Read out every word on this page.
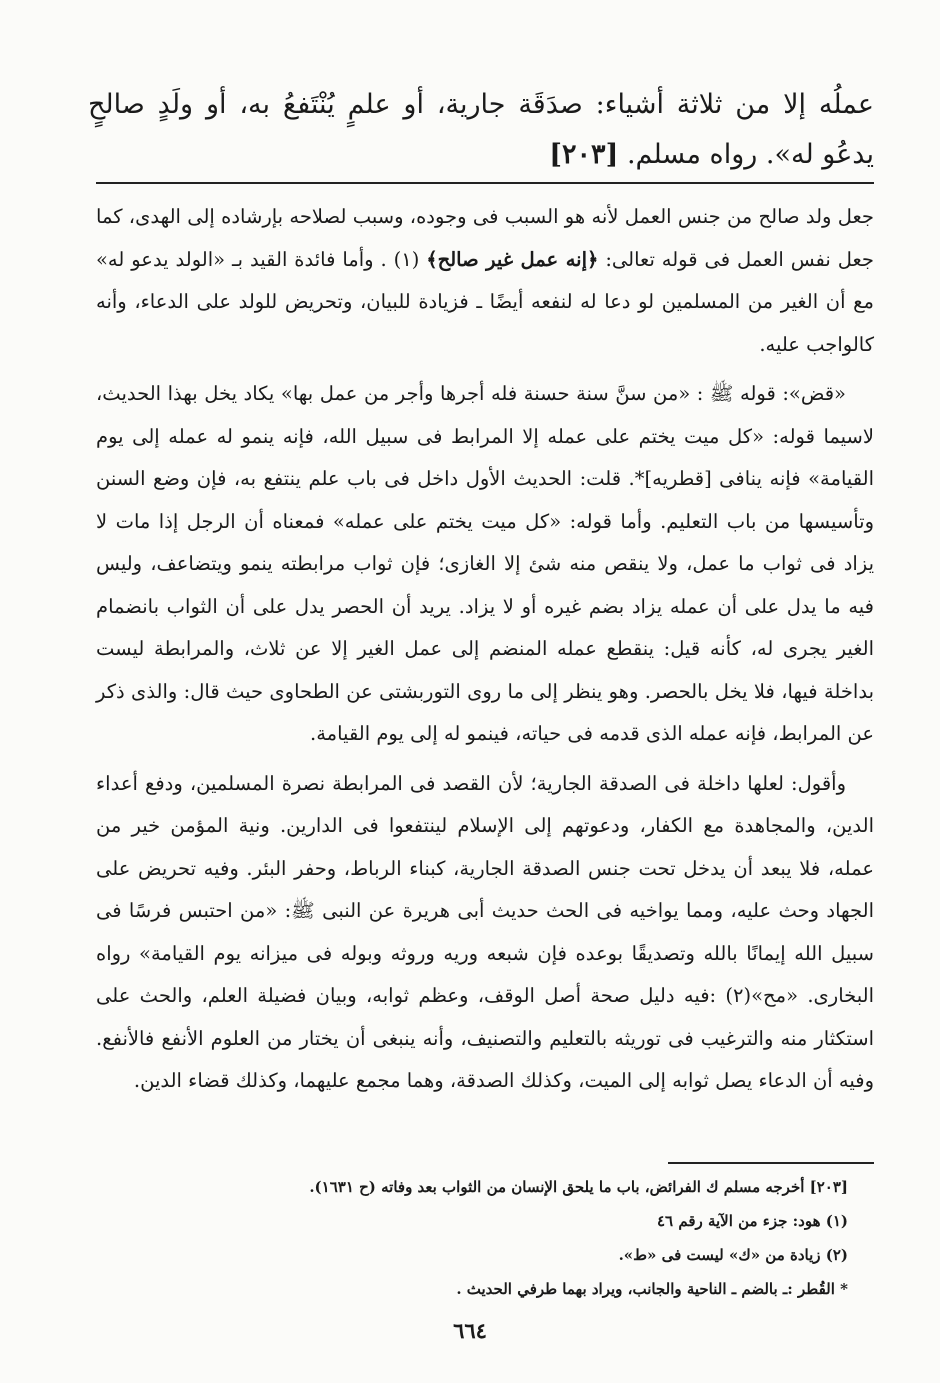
عملُه إلا من ثلاثة أشياء: صدَقَة جارية، أو علمٍ يُنْتَفعُ به، أو ولَدٍ صالحٍ يدعُو له». رواه مسلم. [٢٠٣]

جعل ولد صالح من جنس العمل لأنه هو السبب فى وجوده، وسبب لصلاحه بإرشاده إلى الهدى، كما جعل نفس العمل فى قوله تعالى: ﴿إنه عمل غير صالح﴾ (١) . وأما فائدة القيد بـ «الولد يدعو له» مع أن الغير من المسلمين لو دعا له لنفعه أيضًا ـ فزيادة للبيان، وتحريض للولد على الدعاء، وأنه كالواجب عليه.

«قض»: قوله ﷺ : «من سنَّ سنة حسنة فله أجرها وأجر من عمل بها» يكاد يخل بهذا الحديث، لاسيما قوله: «كل ميت يختم على عمله إلا المرابط فى سبيل الله، فإنه ينمو له عمله إلى يوم القيامة» فإنه ينافى [قطريه]*. قلت: الحديث الأول داخل فى باب علم ينتفع به، فإن وضع السنن وتأسيسها من باب التعليم. وأما قوله: «كل ميت يختم على عمله» فمعناه أن الرجل إذا مات لا يزاد فى ثواب ما عمل، ولا ينقص منه شئ إلا الغازى؛ فإن ثواب مرابطته ينمو ويتضاعف، وليس فيه ما يدل على أن عمله يزاد بضم غيره أو لا يزاد. يريد أن الحصر يدل على أن الثواب بانضمام الغير يجرى له، كأنه قيل: ينقطع عمله المنضم إلى عمل الغير إلا عن ثلاث، والمرابطة ليست بداخلة فيها، فلا يخل بالحصر. وهو ينظر إلى ما روى التوربشتى عن الطحاوى حيث قال: والذى ذكر عن المرابط، فإنه عمله الذى قدمه فى حياته، فينمو له إلى يوم القيامة.

وأقول: لعلها داخلة فى الصدقة الجارية؛ لأن القصد فى المرابطة نصرة المسلمين، ودفع أعداء الدين، والمجاهدة مع الكفار، ودعوتهم إلى الإسلام لينتفعوا فى الدارين. ونية المؤمن خير من عمله، فلا يبعد أن يدخل تحت جنس الصدقة الجارية، كبناء الرباط، وحفر البئر. وفيه تحريض على الجهاد وحث عليه، ومما يواخيه فى الحث حديث أبى هريرة عن النبى ﷺ: «من احتبس فرسًا فى سبيل الله إيمانًا بالله وتصديقًا بوعده فإن شبعه وريه وروثه وبوله فى ميزانه يوم القيامة» رواه البخارى. «مح»(٢) :فيه دليل صحة أصل الوقف، وعظم ثوابه، وبيان فضيلة العلم، والحث على استكثار منه والترغيب فى توريثه بالتعليم والتصنيف، وأنه ينبغى أن يختار من العلوم الأنفع فالأنفع. وفيه أن الدعاء يصل ثوابه إلى الميت، وكذلك الصدقة، وهما مجمع عليهما، وكذلك قضاء الدين.

[٢٠٣] أخرجه مسلم ك الفرائض، باب ما يلحق الإنسان من الثواب بعد وفاته (ح ١٦٣١).

(١) هود: جزء من الآية رقم ٤٦

(٢) زيادة من «ك» ليست فى «ط».

* القُطر :ـ بالضم ـ الناحية والجانب، ويراد بهما طرفي الحديث .

٦٦٤
